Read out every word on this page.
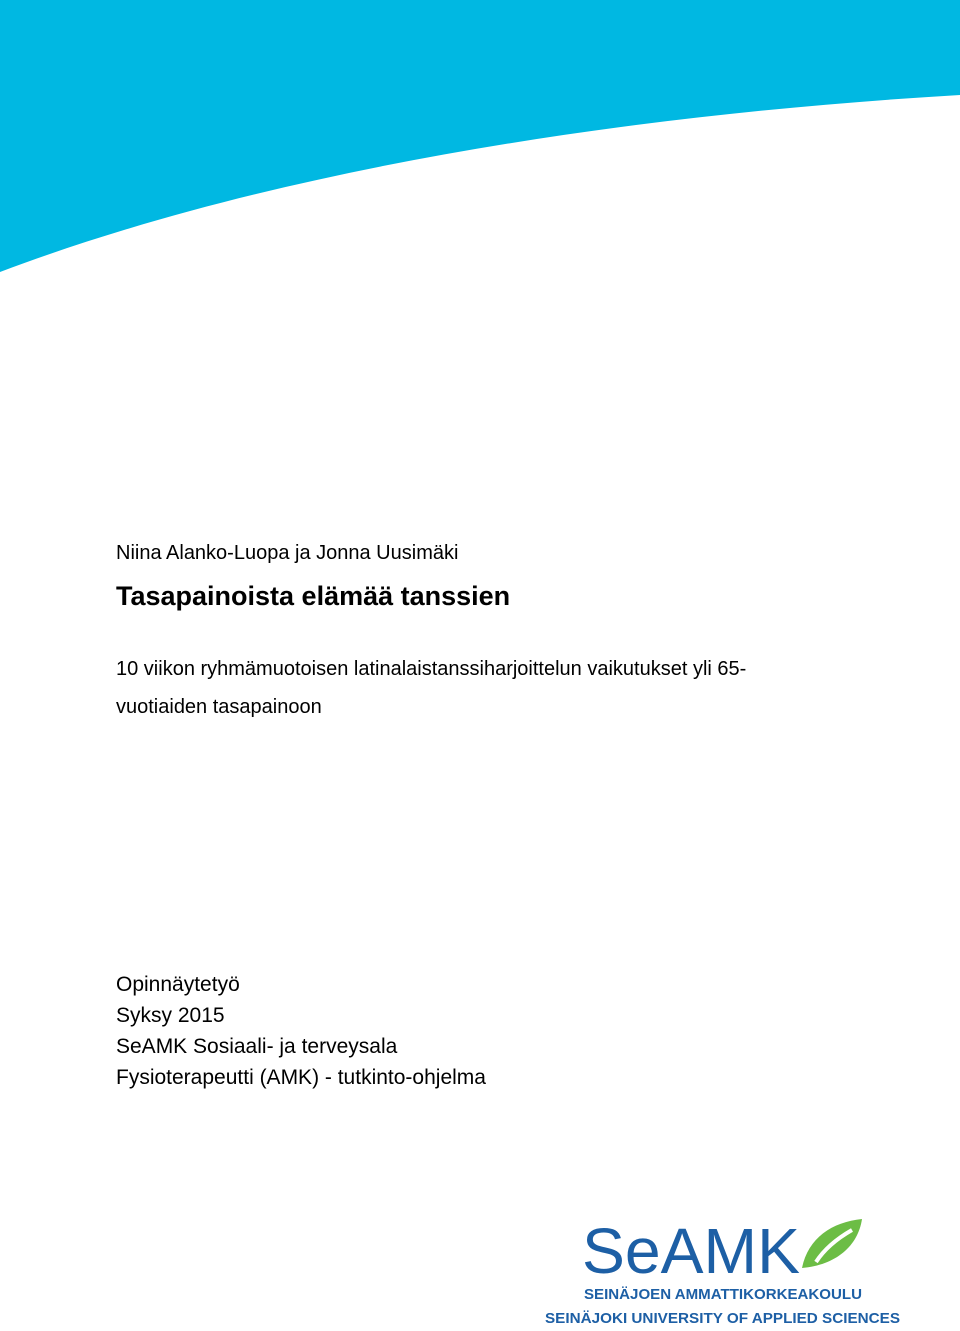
Niina Alanko-Luopa ja Jonna Uusimäki
Tasapainoista elämää tanssien
10 viikon ryhmämuotoisen latinalaistanssiharjoittelun vaikutukset yli 65-
vuotiaiden tasapainoon
Opinnäytetyö
Syksy 2015
SeAMK Sosiaali- ja terveysala
Fysioterapeutti (AMK) - tutkinto-ohjelma
SeAMK
SEINÄJOEN AMMATTIKORKEAKOULU
SEINÄJOKI UNIVERSITY OF APPLIED SCIENCES
